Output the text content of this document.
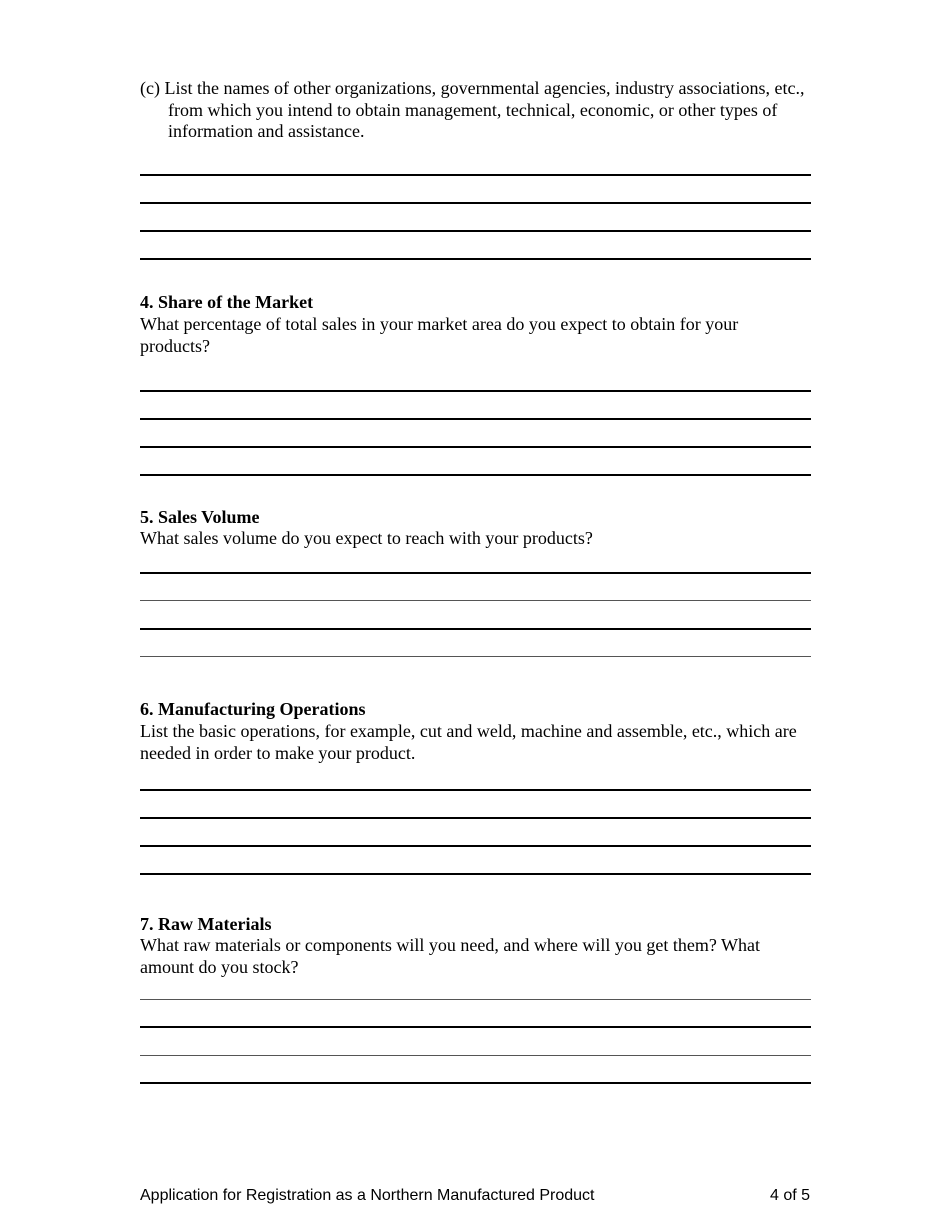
(c) List the names of other organizations, governmental agencies, industry associations, etc., from which you intend to obtain management, technical, economic, or other types of information and assistance.
4. Share of the Market
What percentage of total sales in your market area do you expect to obtain for your products?
5. Sales Volume
What sales volume do you expect to reach with your products?
6. Manufacturing Operations
List the basic operations, for example, cut and weld, machine and assemble, etc., which are needed in order to make your product.
7. Raw Materials
What raw materials or components will you need, and where will you get them? What amount do you stock?
Application for Registration as a Northern Manufactured Product	4 of 5
